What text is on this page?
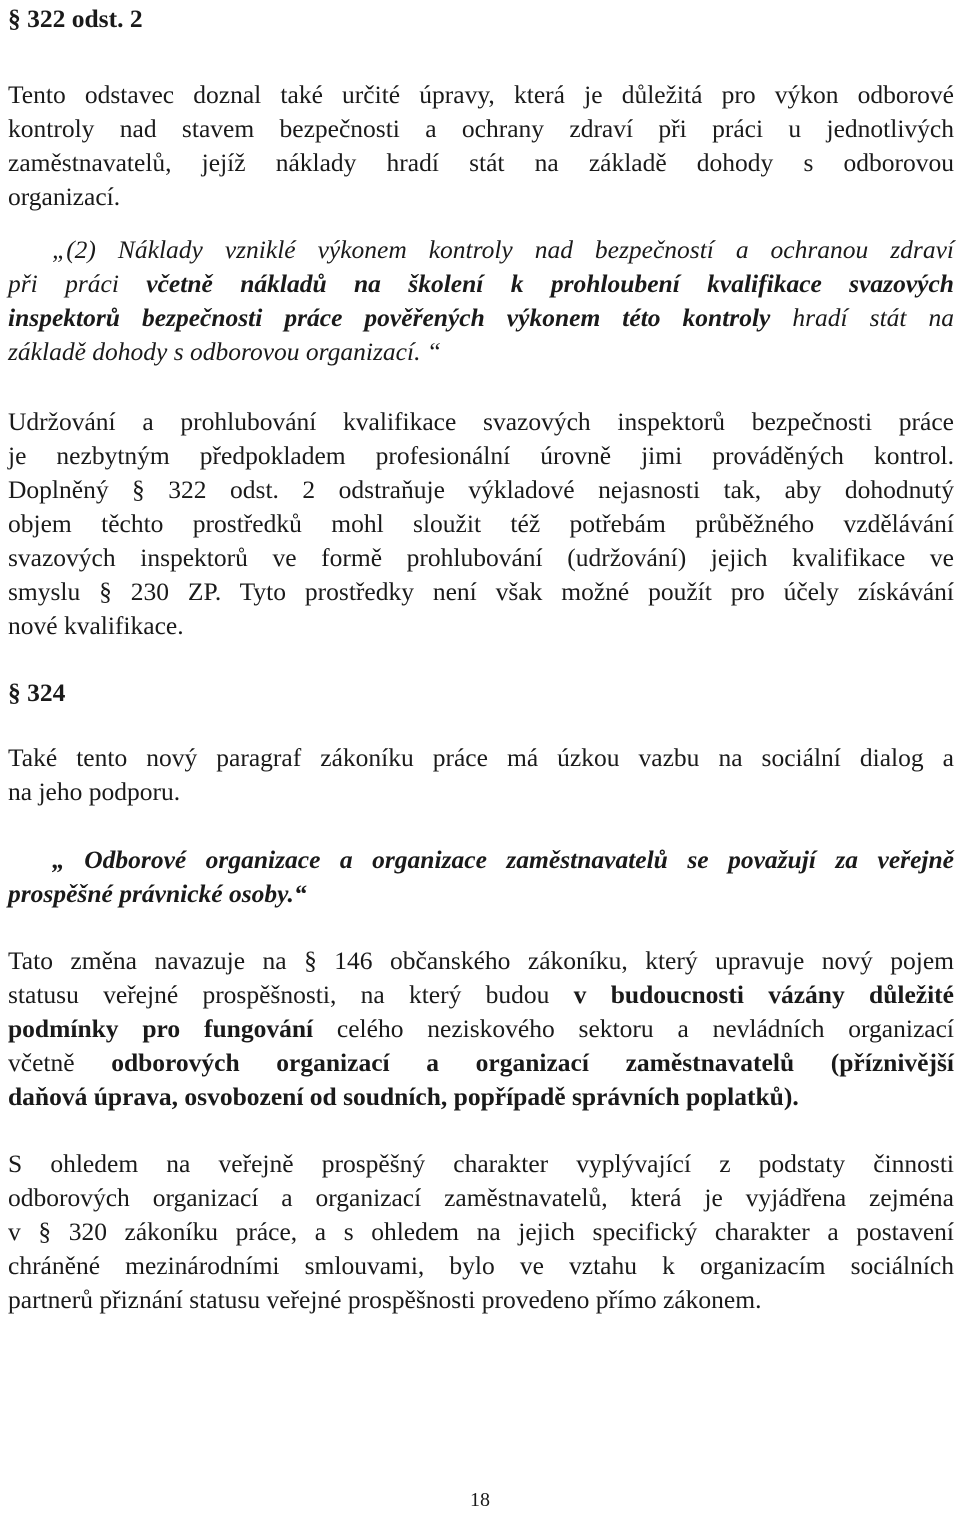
§ 322 odst. 2
Tento odstavec doznal také určité úpravy, která je důležitá pro výkon odborové
kontroly nad stavem bezpečnosti a ochrany zdraví při práci u jednotlivých
zaměstnavatelů, jejíž náklady hradí stát na základě dohody s odborovou
organizací.
„(2) Náklady vzniklé výkonem kontroly nad bezpečností a ochranou zdraví
při práci včetně nákladů na školení k prohloubení kvalifikace svazových
inspektorů bezpečnosti práce pověřených výkonem této kontroly hradí stát na
základě dohody s odborovou organizací. “
Udržování a prohlubování kvalifikace svazových inspektorů bezpečnosti práce
je nezbytným předpokladem profesionální úrovně jimi prováděných kontrol.
Doplněný § 322 odst. 2 odstraňuje výkladové nejasnosti tak, aby dohodnutý
objem těchto prostředků mohl sloužit též potřebám průběžného vzdělávání
svazových inspektorů ve formě prohlubování (udržování) jejich kvalifikace ve
smyslu § 230 ZP. Tyto prostředky není však možné použít pro účely získávání
nové kvalifikace.
§ 324
Také tento nový paragraf zákoníku práce má úzkou vazbu na sociální dialog a
na jeho podporu.
„ Odborové organizace a organizace zaměstnavatelů se považují za veřejně
prospěšné právnické osoby.“
Tato změna navazuje na § 146 občanského zákoníku, který upravuje nový pojem
statusu veřejné prospěšnosti, na který budou v budoucnosti vázány důležité
podmínky pro fungování celého neziskového sektoru a nevládních organizací
včetně odborových organizací a organizací zaměstnavatelů (příznivější
daňová úprava, osvobození od soudních, popřípadě správních poplatků).
S ohledem na veřejně prospěšný charakter vyplývající z podstaty činnosti
odborových organizací a organizací zaměstnavatelů, která je vyjádřena zejména
v § 320 zákoníku práce, a s ohledem na jejich specifický charakter a postavení
chráněné mezinárodními smlouvami, bylo ve vztahu k organizacím sociálních
partnerů přiznání statusu veřejné prospěšnosti provedeno přímo zákonem.
18
